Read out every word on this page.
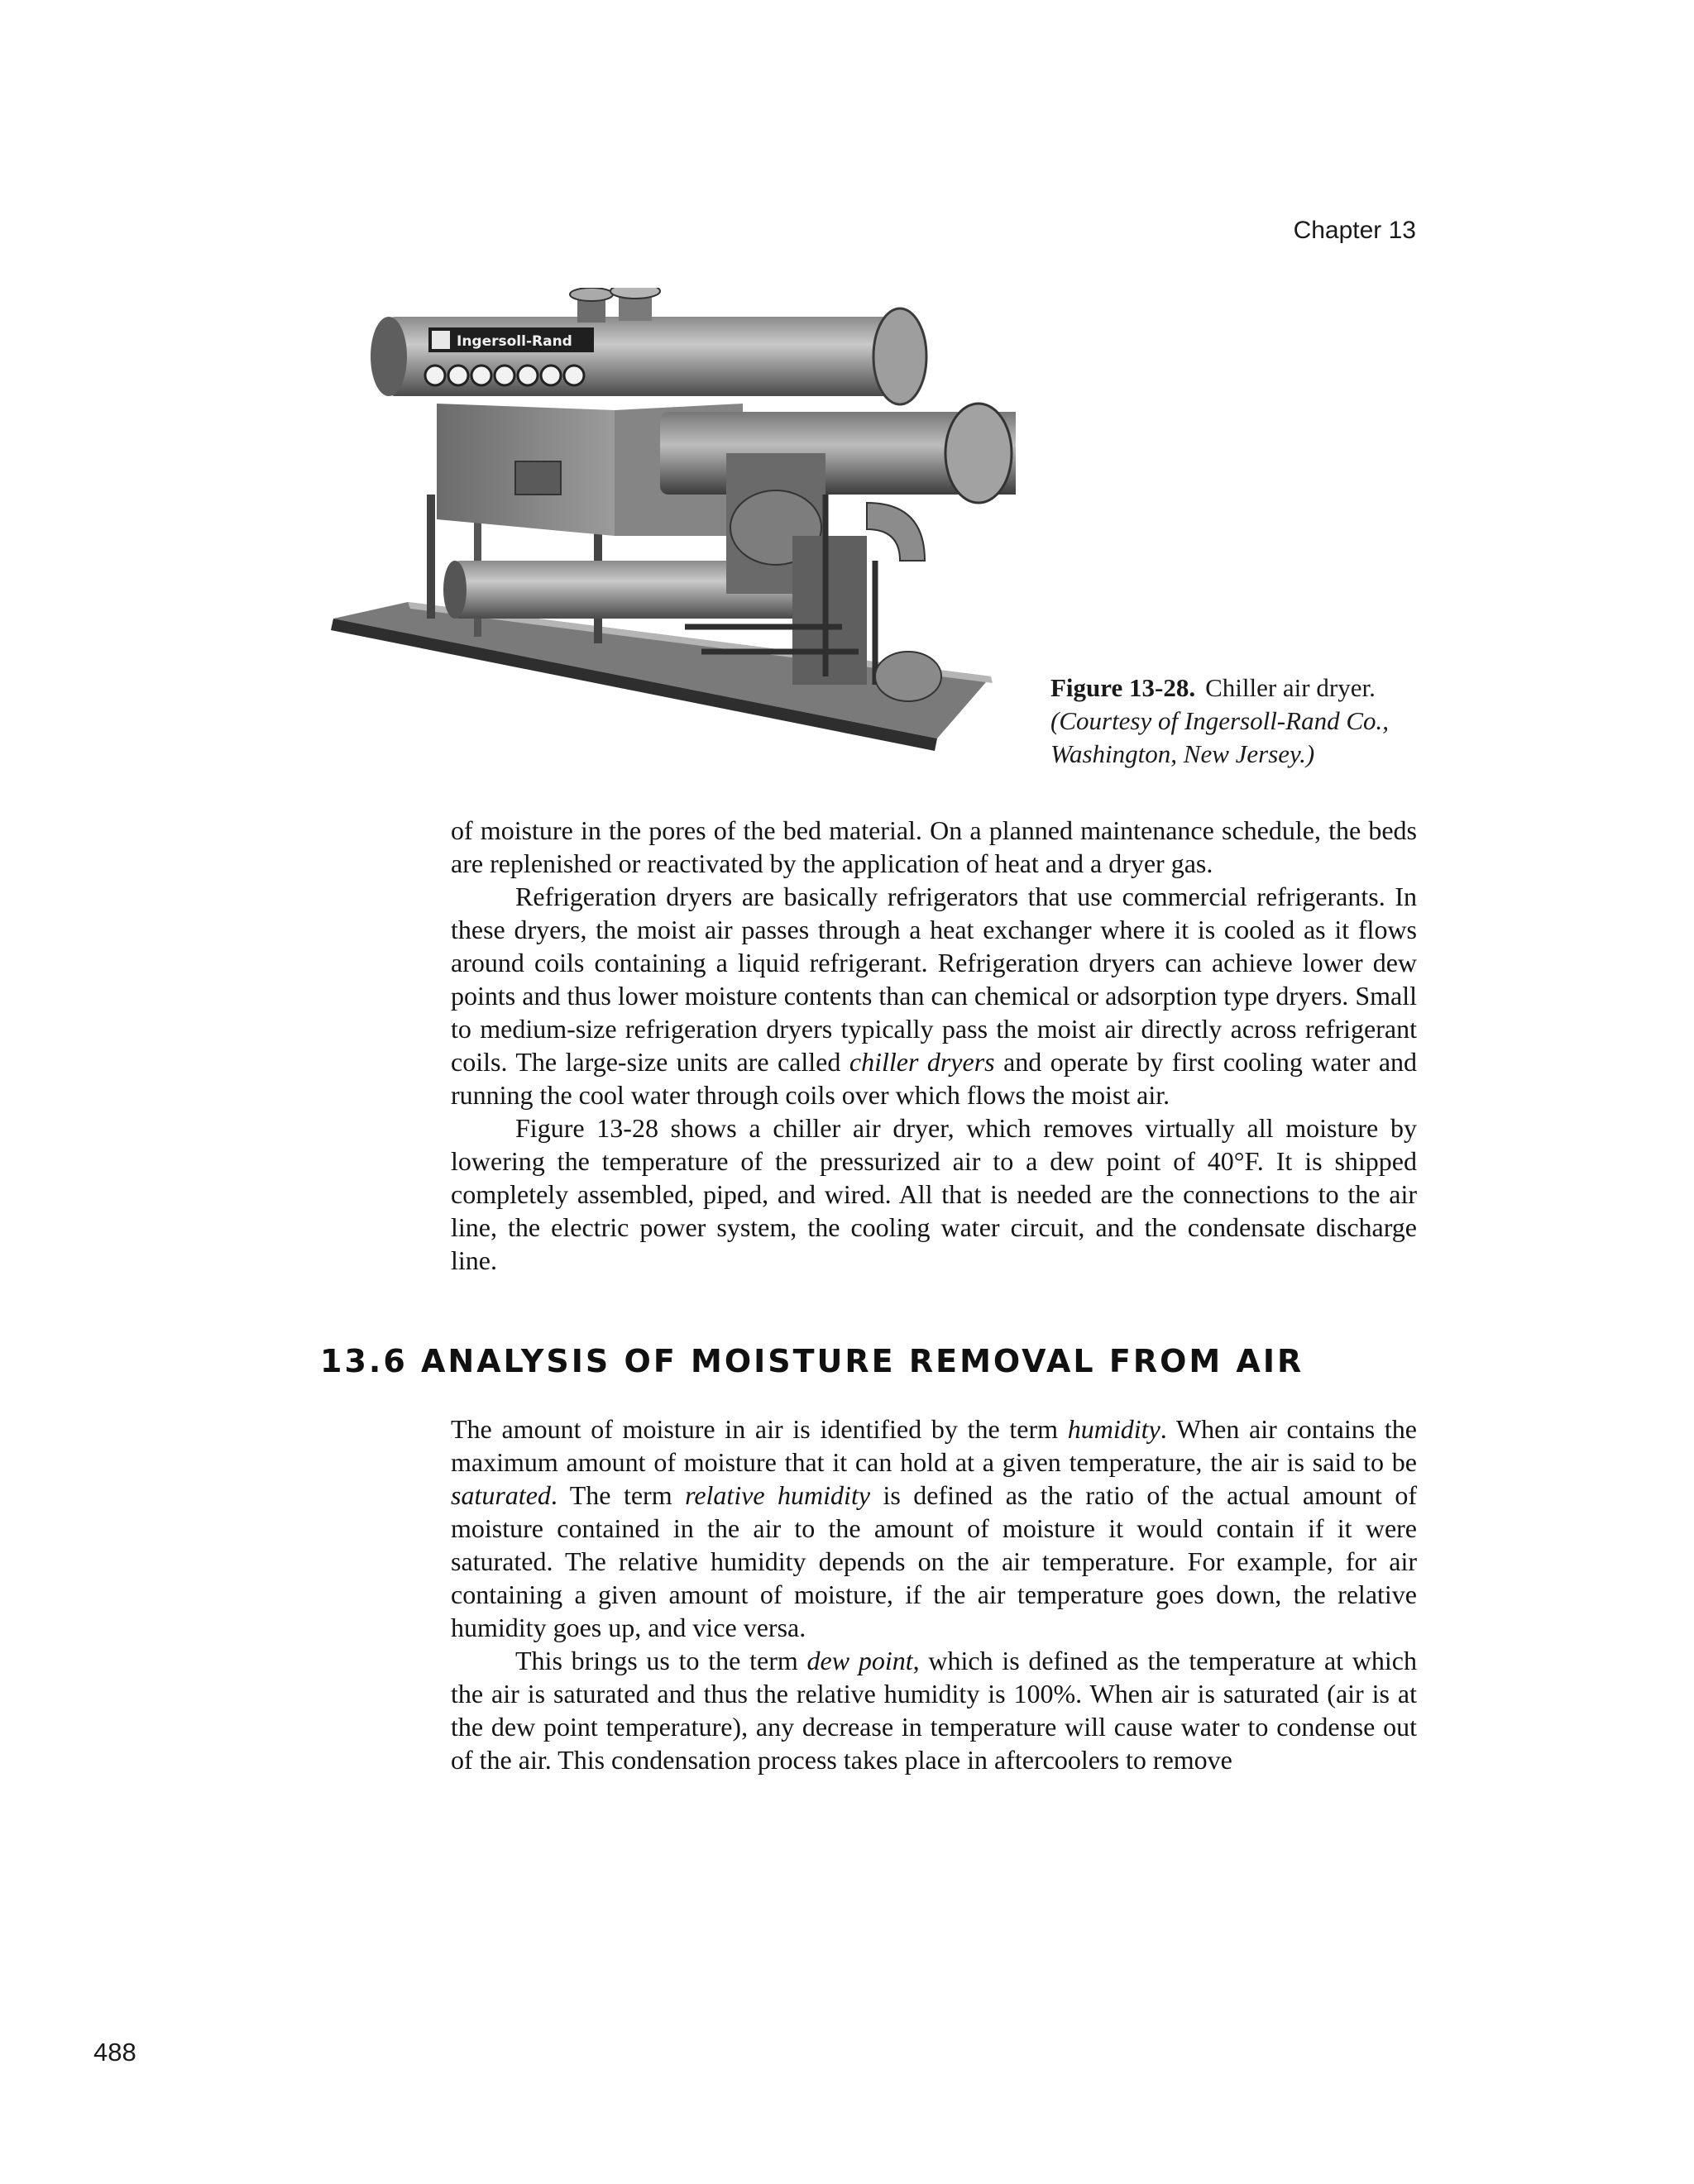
Chapter 13
Ingersoll-Rand
Figure 13-28. Chiller air dryer.
(Courtesy of Ingersoll-Rand Co.,
Washington, New Jersey.)

of moisture in the pores of the bed material. On a planned maintenance schedule, the beds are replenished or reactivated by the application of heat and a dryer gas.

Refrigeration dryers are basically refrigerators that use commercial refrigerants. In these dryers, the moist air passes through a heat exchanger where it is cooled as it flows around coils containing a liquid refrigerant. Refrigeration dryers can achieve lower dew points and thus lower moisture contents than can chemical or adsorption type dryers. Small to medium-size refrigeration dryers typically pass the moist air directly across refrigerant coils. The large-size units are called chiller dryers and operate by first cooling water and running the cool water through coils over which flows the moist air.

Figure 13-28 shows a chiller air dryer, which removes virtually all moisture by lowering the temperature of the pressurized air to a dew point of 40°F. It is shipped completely assembled, piped, and wired. All that is needed are the connections to the air line, the electric power system, the cooling water circuit, and the condensate discharge line.

13.6 ANALYSIS OF MOISTURE REMOVAL FROM AIR

The amount of moisture in air is identified by the term humidity. When air contains the maximum amount of moisture that it can hold at a given temperature, the air is said to be saturated. The term relative humidity is defined as the ratio of the actual amount of moisture contained in the air to the amount of moisture it would contain if it were saturated. The relative humidity depends on the air temperature. For example, for air containing a given amount of moisture, if the air temperature goes down, the relative humidity goes up, and vice versa.

This brings us to the term dew point, which is defined as the temperature at which the air is saturated and thus the relative humidity is 100%. When air is saturated (air is at the dew point temperature), any decrease in temperature will cause water to condense out of the air. This condensation process takes place in aftercoolers to remove

488
